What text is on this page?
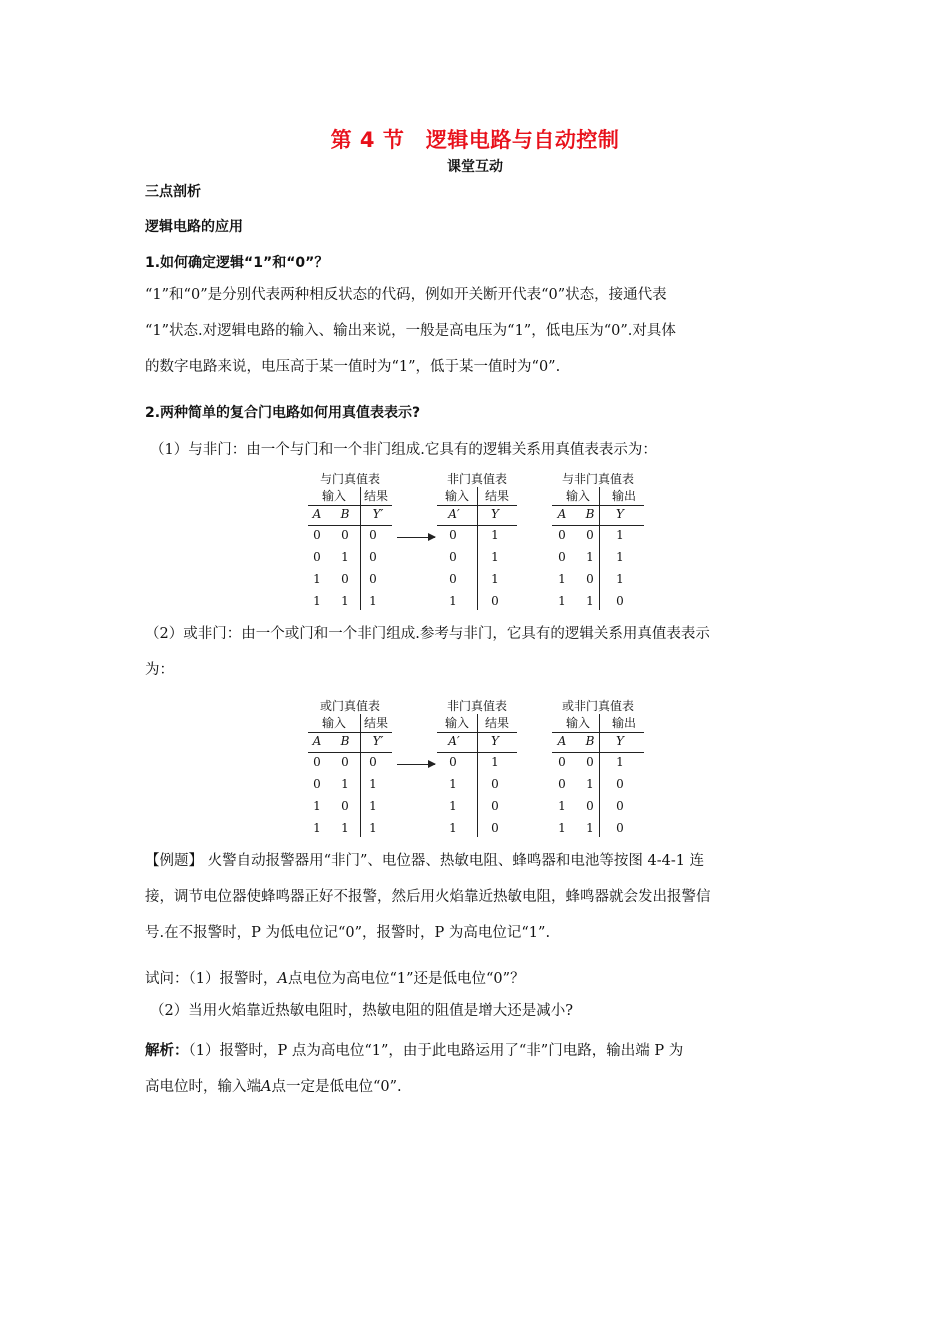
第 4 节　逻辑电路与自动控制
课堂互动
三点剖析
逻辑电路的应用
1.如何确定逻辑“1”和“0”？
“1”和“0”是分别代表两种相反状态的代码，例如开关断开代表“0”状态，接通代表
“1”状态.对逻辑电路的输入、输出来说，一般是高电压为“1”，低电压为“0”.对具体
的数字电路来说，电压高于某一值时为“1”，低于某一值时为“0”.
2.两种简单的复合门电路如何用真值表表示?
（1）与非门：由一个与门和一个非门组成.它具有的逻辑关系用真值表表示为：
与门真值表
输入	结果
A	B	Y′
0	0	0
0	1	0
1	0	0
1	1	1
非门真值表
输入	结果
A′	Y
0	1
0	1
0	1
1	0
与非门真值表
输入	输出
A	B	Y
0	0	1
0	1	1
1	0	1
1	1	0
（2）或非门：由一个或门和一个非门组成.参考与非门，它具有的逻辑关系用真值表表示
为：
或门真值表
输入	结果
A	B	Y′
0	0	0
0	1	1
1	0	1
1	1	1
非门真值表
输入	结果
A′	Y
0	1
1	0
1	0
1	0
或非门真值表
输入	输出
A	B	Y
0	0	1
0	1	0
1	0	0
1	1	0
【例题】 火警自动报警器用“非门”、电位器、热敏电阻、蜂鸣器和电池等按图 4-4-1 连
接，调节电位器使蜂鸣器正好不报警，然后用火焰靠近热敏电阻，蜂鸣器就会发出报警信
号.在不报警时，P 为低电位记“0”，报警时，P 为高电位记“1”.
试问：（1）报警时，A点电位为高电位“1”还是低电位“0”？
（2）当用火焰靠近热敏电阻时，热敏电阻的阻值是增大还是减小?
解析：（1）报警时，P 点为高电位“1”，由于此电路运用了“非”门电路，输出端 P 为
高电位时，输入端A点一定是低电位“0”.
